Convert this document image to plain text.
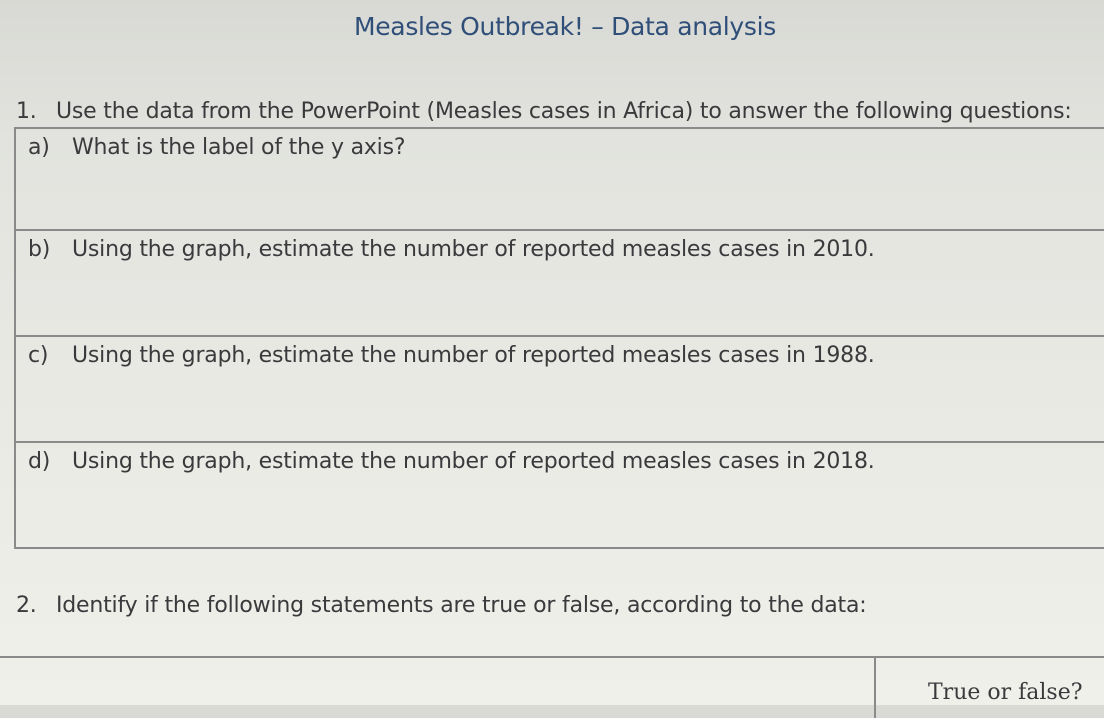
Measles Outbreak! – Data analysis
1. Use the data from the PowerPoint (Measles cases in Africa) to answer the following questions:
a) What is the label of the y axis?
b) Using the graph, estimate the number of reported measles cases in 2010.
c) Using the graph, estimate the number of reported measles cases in 1988.
d) Using the graph, estimate the number of reported measles cases in 2018.
2. Identify if the following statements are true or false, according to the data:
True or false?
